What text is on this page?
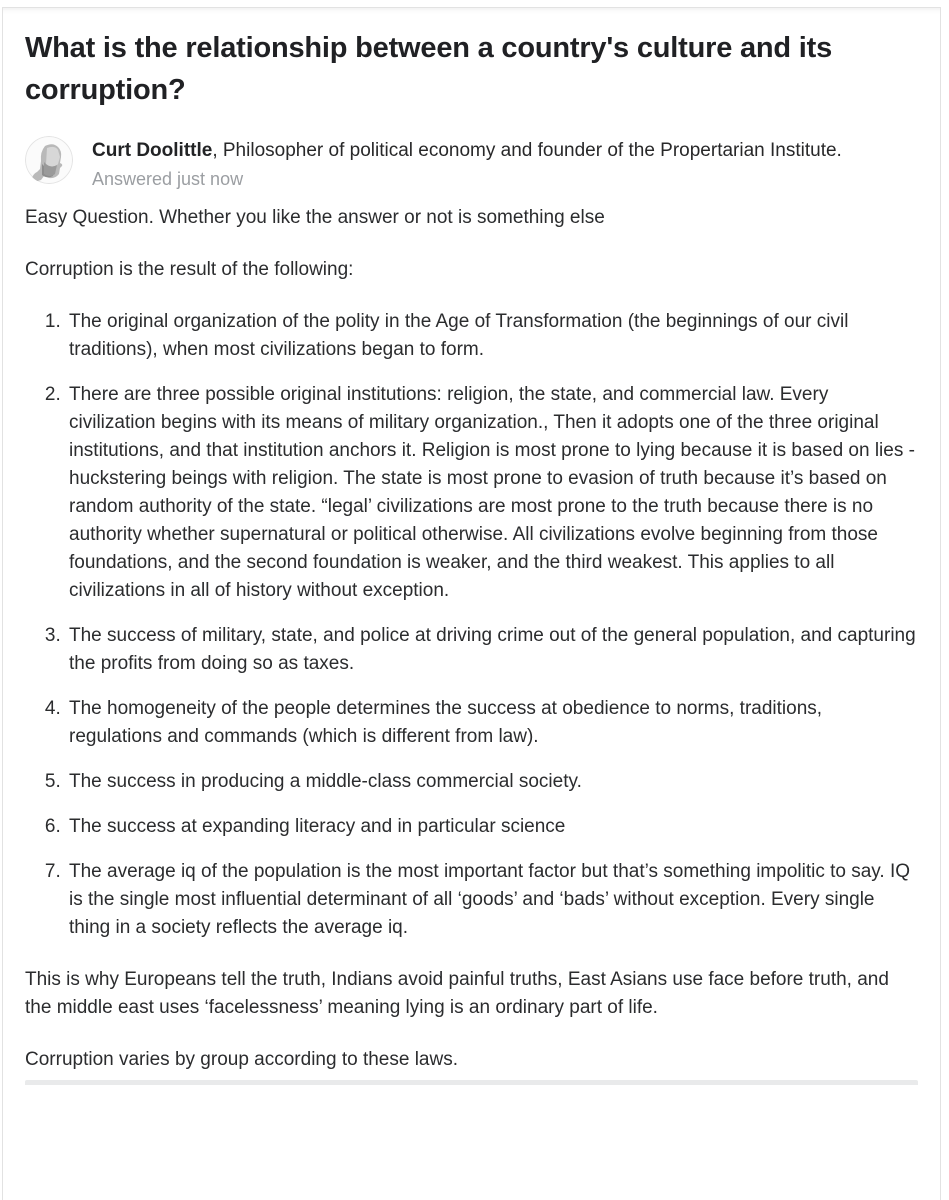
What is the relationship between a country's culture and its corruption?
Curt Doolittle, Philosopher of political economy and founder of the Propertarian Institute.
Answered just now

Easy Question. Whether you like the answer or not is something else

Corruption is the result of the following:

1. The original organization of the polity in the Age of Transformation (the beginnings of our civil traditions), when most civilizations began to form.
2. There are three possible original institutions: religion, the state, and commercial law. Every civilization begins with its means of military organization., Then it adopts one of the three original institutions, and that institution anchors it. Religion is most prone to lying because it is based on lies - huckstering beings with religion. The state is most prone to evasion of truth because it’s based on random authority of the state. “legal’ civilizations are most prone to the truth because there is no authority whether supernatural or political otherwise. All civilizations evolve beginning from those foundations, and the second foundation is weaker, and the third weakest. This applies to all civilizations in all of history without exception.
3. The success of military, state, and police at driving crime out of the general population, and capturing the profits from doing so as taxes.
4. The homogeneity of the people determines the success at obedience to norms, traditions, regulations and commands (which is different from law).
5. The success in producing a middle-class commercial society.
6. The success at expanding literacy and in particular science
7. The average iq of the population is the most important factor but that’s something impolitic to say. IQ is the single most influential determinant of all ‘goods’ and ‘bads’ without exception. Every single thing in a society reflects the average iq.

This is why Europeans tell the truth, Indians avoid painful truths, East Asians use face before truth, and the middle east uses ‘facelessness’ meaning lying is an ordinary part of life.

Corruption varies by group according to these laws.
